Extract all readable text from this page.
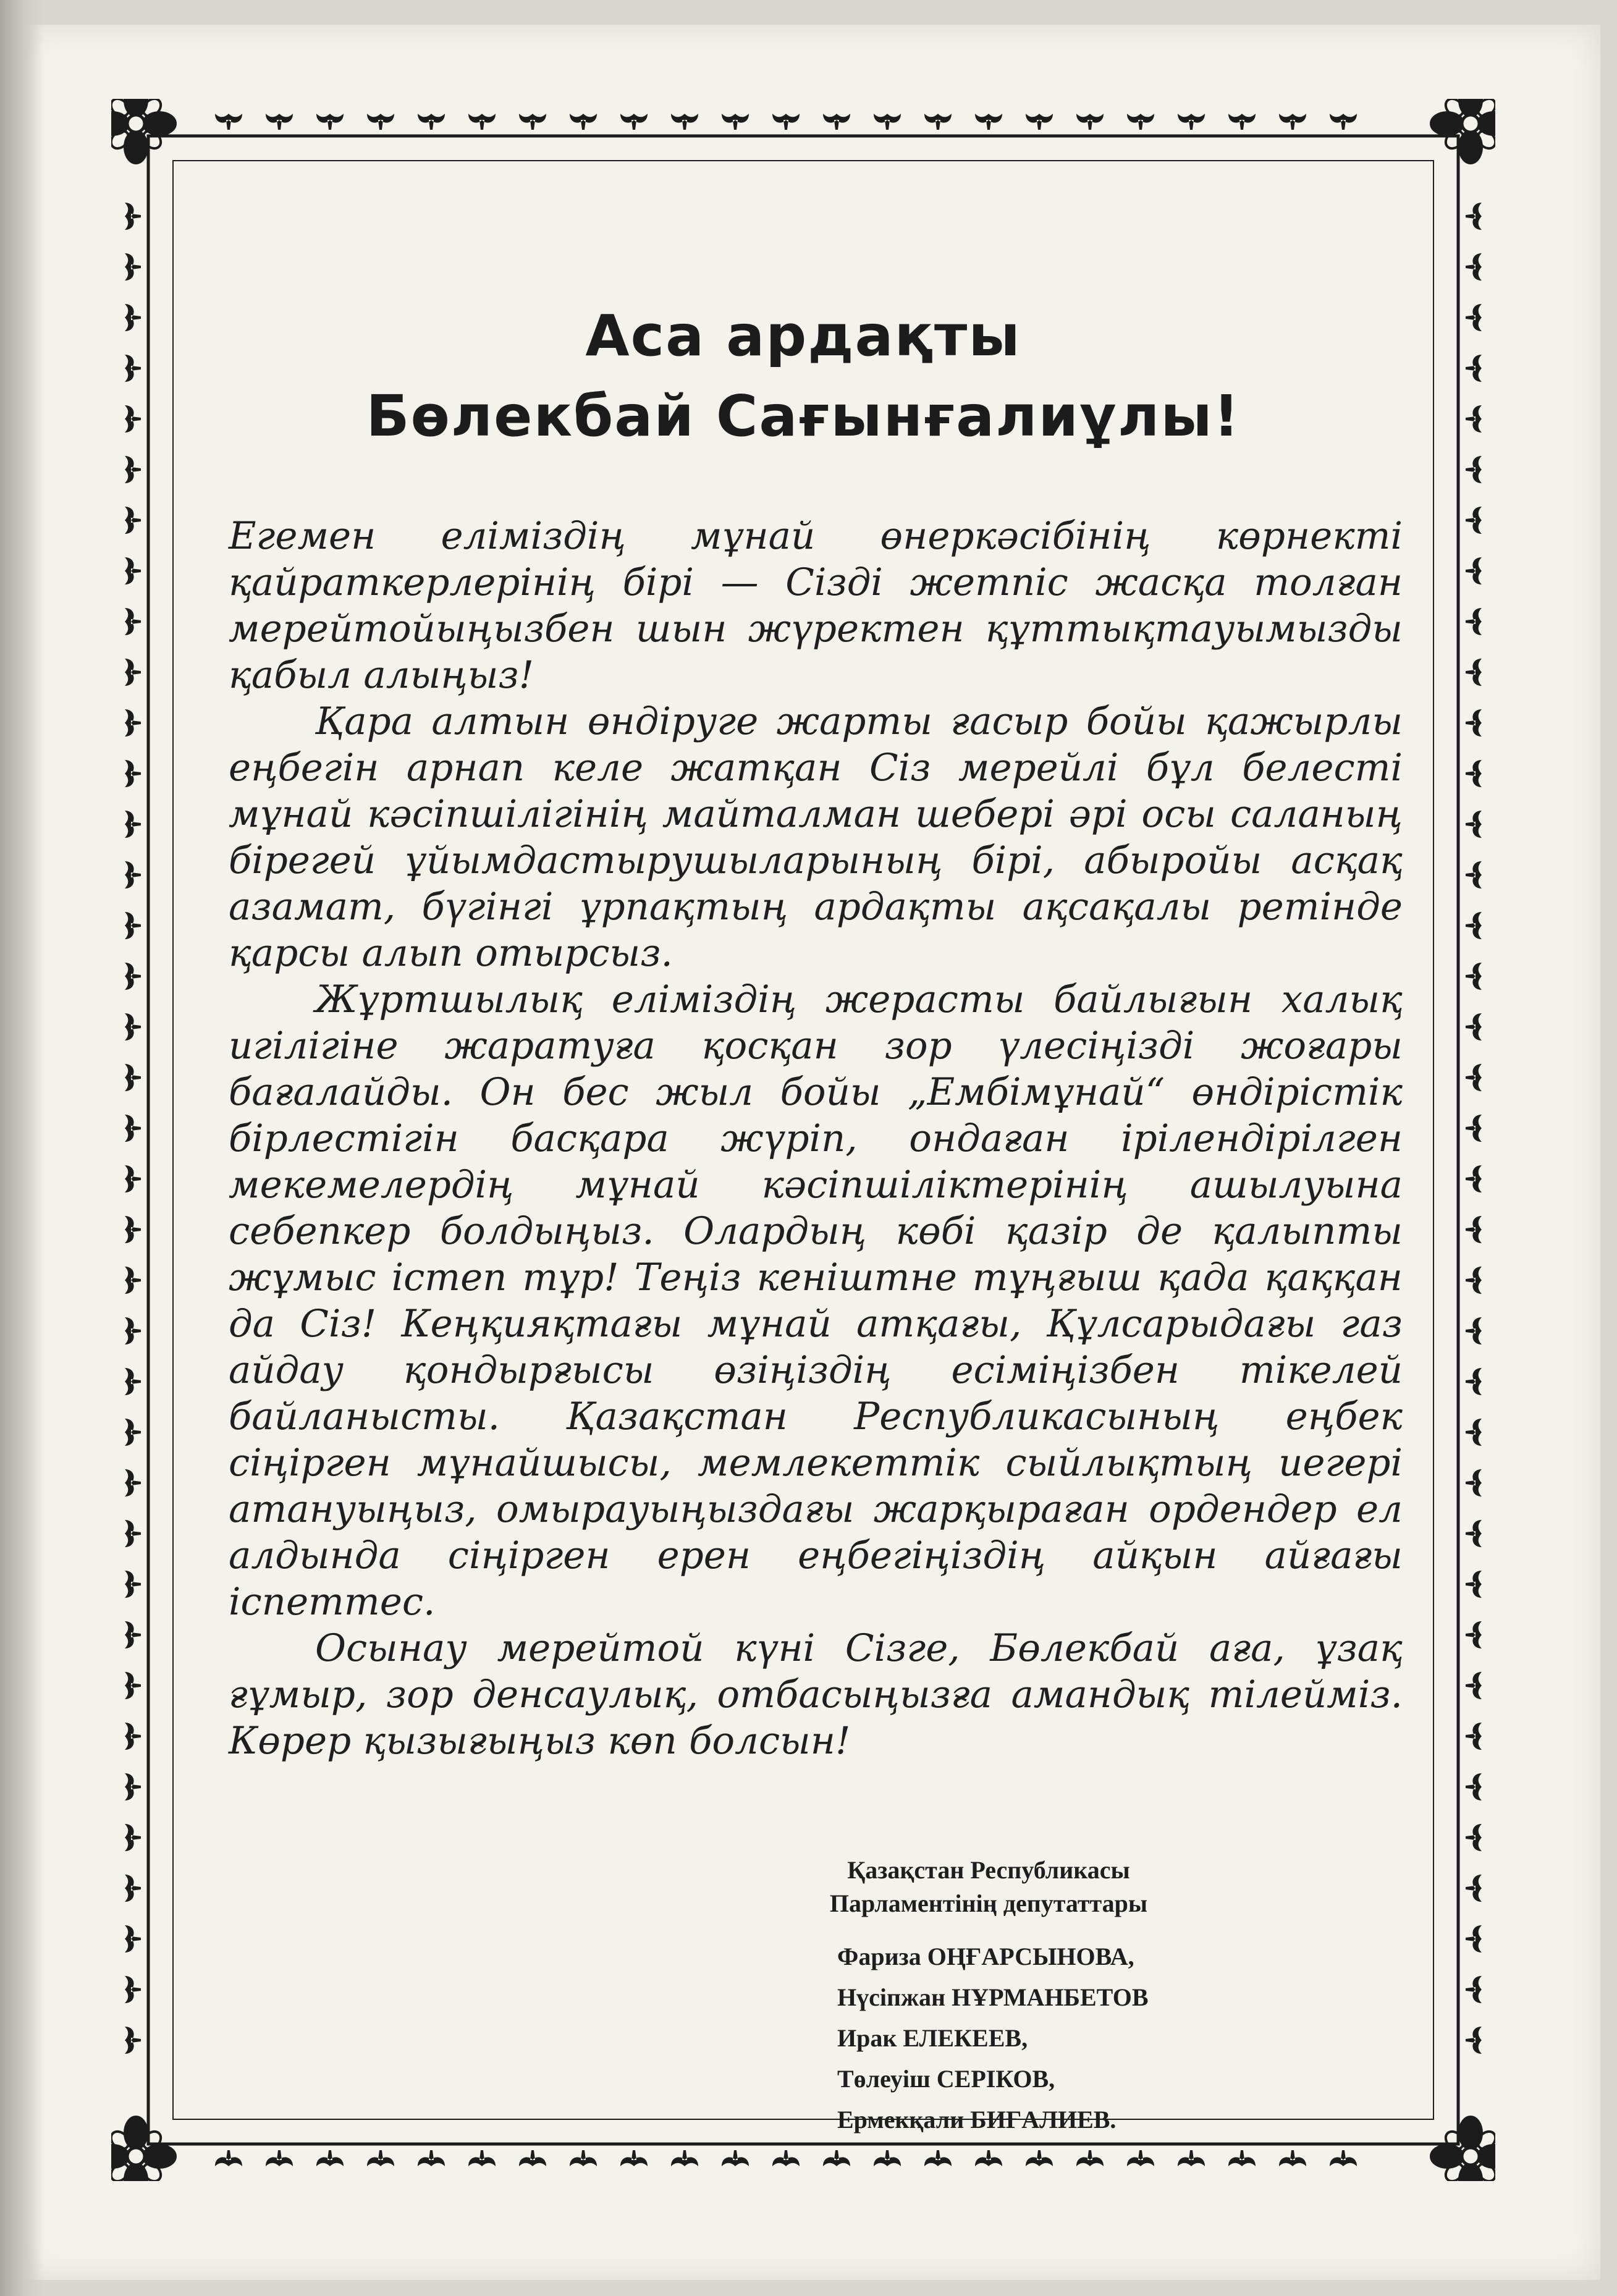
Аса ардақты
Бөлекбай Сағынғалиұлы!

Егемен еліміздің мұнай өнеркәсібінің көрнекті қайраткерлерінің бірі — Сізді жетпіс жасқа толған мерейтойыңызбен шын жүректен құттықтауымызды қабыл алыңыз!

Қара алтын өндіруге жарты ғасыр бойы қажырлы еңбегін арнап келе жатқан Сіз мерейлі бұл белесті мұнай кәсіпшілігінің майталман шебері әрі осы саланың бірегей ұйымдастырушыларының бірі, абыройы асқақ азамат, бүгінгі ұрпақтың ардақты ақсақалы ретінде қарсы алып отырсыз.

Жұртшылық еліміздің жерасты байлығын халық игілігіне жаратуға қосқан зор үлесіңізді жоғары бағалайды. Он бес жыл бойы „Ембімұнай“ өндірістік бірлестігін басқара жүріп, ондаған ірілендірілген мекемелердің мұнай кәсіпшіліктерінің ашылуына себепкер болдыңыз. Олардың көбі қазір де қалыпты жұмыс істеп тұр! Теңіз кеніштне тұңғыш қада қаққан да Сіз! Кеңқияқтағы мұнай атқағы, Құлсарыдағы газ айдау қондырғысы өзіңіздің есіміңізбен тікелей байланысты. Қазақстан Республикасының еңбек сіңірген мұнайшысы, мемлекеттік сыйлықтың иегері атануыңыз, омырауыңыздағы жарқыраған ордендер ел алдында сіңірген ерен еңбегіңіздің айқын айғағы іспеттес.

Осынау мерейтой күні Сізге, Бөлекбай аға, ұзақ ғұмыр, зор денсаулық, отбасыңызға амандық тілейміз. Көрер қызығыңыз көп болсын!

Қазақстан Республикасы
Парламентінің депутаттары
Фариза ОҢҒАРСЫНОВА,
Нүсіпжан НҰРМАНБЕТОВ
Ирак ЕЛЕКЕЕВ,
Төлеуіш СЕРІКОВ,
Ермекқали БИҒАЛИЕВ.
